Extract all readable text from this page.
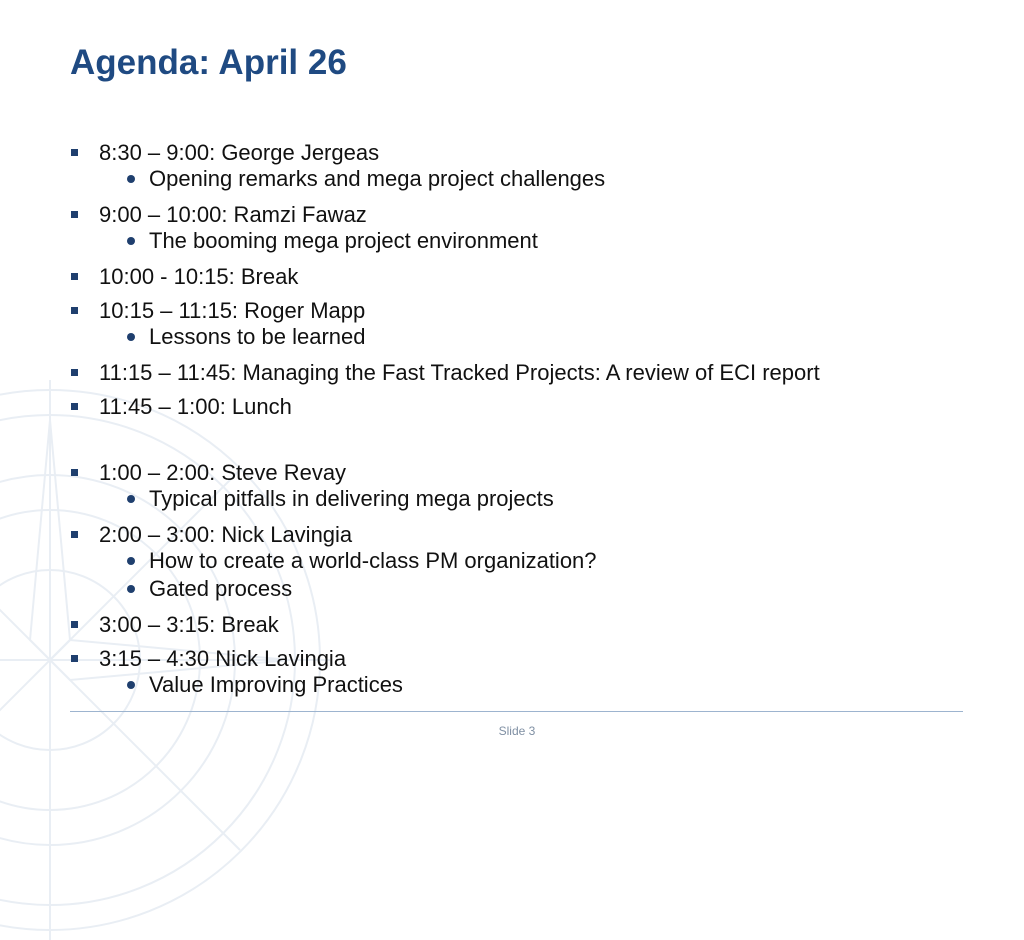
Agenda: April 26
8:30 – 9:00: George Jergeas
Opening remarks and mega project challenges
9:00 – 10:00: Ramzi Fawaz
The booming mega project environment
10:00 - 10:15: Break
10:15 – 11:15: Roger Mapp
Lessons to be learned
11:15 – 11:45: Managing the Fast Tracked Projects: A review of ECI report
11:45 – 1:00: Lunch
1:00 – 2:00: Steve Revay
Typical pitfalls in delivering mega projects
2:00 – 3:00: Nick Lavingia
How to create a world-class PM organization?
Gated process
3:00 – 3:15: Break
3:15 – 4:30 Nick Lavingia
Value Improving Practices
Slide 3
